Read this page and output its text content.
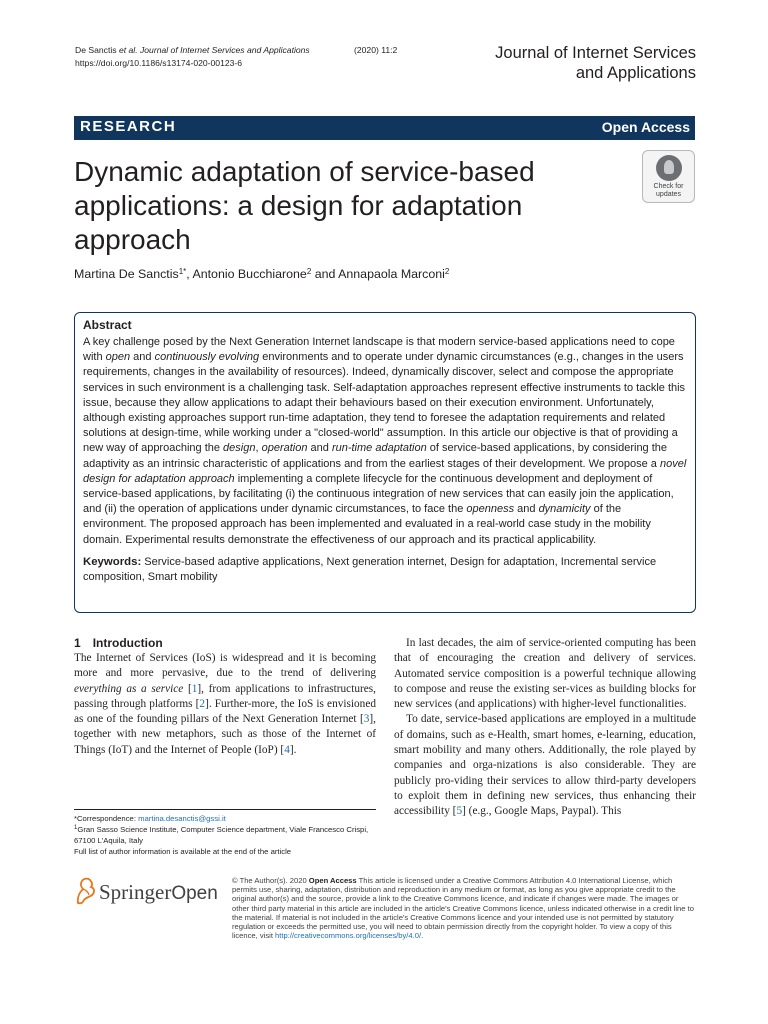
De Sanctis et al. Journal of Internet Services and Applications	(2020) 11:2
https://doi.org/10.1186/s13174-020-00123-6
Journal of Internet Services
and Applications
RESEARCH	Open Access
Dynamic adaptation of service-based applications: a design for adaptation approach
Check for
updates
Martina De Sanctis$^{1*}$, Antonio Bucchiarone$^2$ and Annapaola Marconi$^2$
Abstract
A key challenge posed by the Next Generation Internet landscape is that modern service-based applications need to cope with open and continuously evolving environments and to operate under dynamic circumstances (e.g., changes in the users requirements, changes in the availability of resources). Indeed, dynamically discover, select and compose the appropriate services in such environment is a challenging task. Self-adaptation approaches represent effective instruments to tackle this issue, because they allow applications to adapt their behaviours based on their execution environment. Unfortunately, although existing approaches support run-time adaptation, they tend to foresee the adaptation requirements and related solutions at design-time, while working under a "closed-world" assumption. In this article our objective is that of providing a new way of approaching the design, operation and run-time adaptation of service-based applications, by considering the adaptivity as an intrinsic characteristic of applications and from the earliest stages of their development. We propose a novel design for adaptation approach implementing a complete lifecycle for the continuous development and deployment of service-based applications, by facilitating (i) the continuous integration of new services that can easily join the application, and (ii) the operation of applications under dynamic circumstances, to face the openness and dynamicity of the environment. The proposed approach has been implemented and evaluated in a real-world case study in the mobility domain. Experimental results demonstrate the effectiveness of our approach and its practical applicability.
Keywords: Service-based adaptive applications, Next generation internet, Design for adaptation, Incremental service composition, Smart mobility
1 Introduction

The Internet of Services (IoS) is widespread and it is becoming more and more pervasive, due to the trend of delivering everything as a service [1], from applications to infrastructures, passing through platforms [2]. Further-more, the IoS is envisioned as one of the founding pillars of the Next Generation Internet [3], together with new metaphors, such as those of the Internet of Things (IoT) and the Internet of People (IoP) [4].

In last decades, the aim of service-oriented computing has been that of encouraging the creation and delivery of services. Automated service composition is a powerful technique allowing to compose and reuse the existing ser-vices as building blocks for new services (and applications) with higher-level functionalities.

To date, service-based applications are employed in a multitude of domains, such as e-Health, smart homes, e-learning, education, smart mobility and many others. Additionally, the role played by companies and orga-nizations is also considerable. They are publicly pro-viding their services to allow third-party developers to exploit them in defining new services, thus enhancing their accessibility [5] (e.g., Google Maps, Paypal). This

*Correspondence: martina.desanctis@gssi.it
$^1$Gran Sasso Science Institute, Computer Science department, Viale Francesco Crispi, 67100 L'Aquila, Italy
Full list of author information is available at the end of the article
SpringerOpen
© The Author(s). 2020 Open Access This article is licensed under a Creative Commons Attribution 4.0 International License, which permits use, sharing, adaptation, distribution and reproduction in any medium or format, as long as you give appropriate credit to the original author(s) and the source, provide a link to the Creative Commons licence, and indicate if changes were made. The images or other third party material in this article are included in the article's Creative Commons licence, unless indicated otherwise in a credit line to the material. If material is not included in the article's Creative Commons licence and your intended use is not permitted by statutory regulation or exceeds the permitted use, you will need to obtain permission directly from the copyright holder. To view a copy of this licence, visit http://creativecommons.org/licenses/by/4.0/.
